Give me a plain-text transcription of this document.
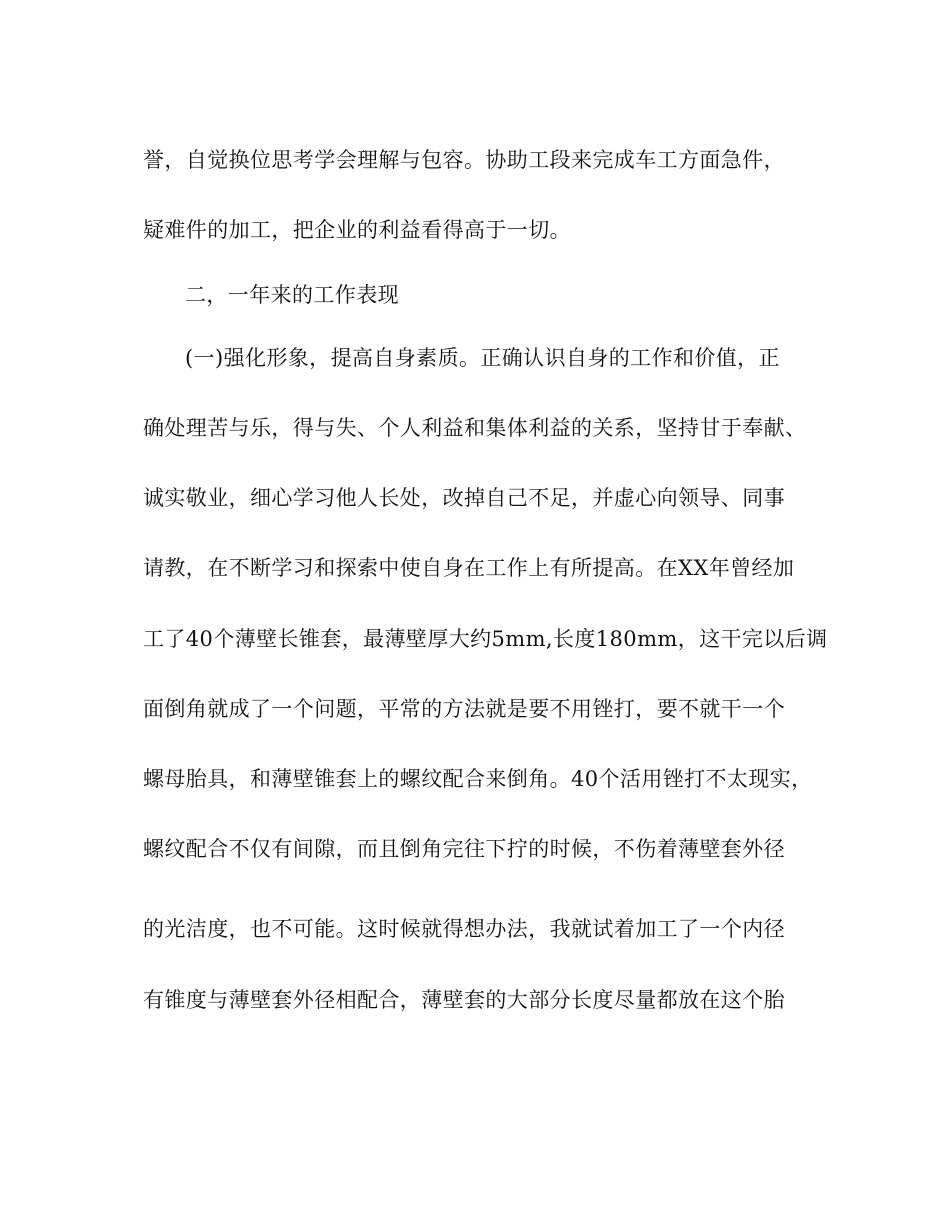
誉，自觉换位思考学会理解与包容。协助工段来完成车工方面急件，
疑难件的加工，把企业的利益看得高于一切。
二，一年来的工作表现
(一)强化形象，提高自身素质。正确认识自身的工作和价值，正
确处理苦与乐，得与失、个人利益和集体利益的关系，坚持甘于奉献、
诚实敬业，细心学习他人长处，改掉自己不足，并虚心向领导、同事
请教，在不断学习和探索中使自身在工作上有所提高。在XX年曾经加
工了40个薄壁长锥套，最薄壁厚大约5mm,长度180mm，这干完以后调
面倒角就成了一个问题，平常的方法就是要不用锉打，要不就干一个
螺母胎具，和薄壁锥套上的螺纹配合来倒角。40个活用锉打不太现实，
螺纹配合不仅有间隙，而且倒角完往下拧的时候，不伤着薄壁套外径
的光洁度，也不可能。这时候就得想办法，我就试着加工了一个内径
有锥度与薄壁套外径相配合，薄壁套的大部分长度尽量都放在这个胎
